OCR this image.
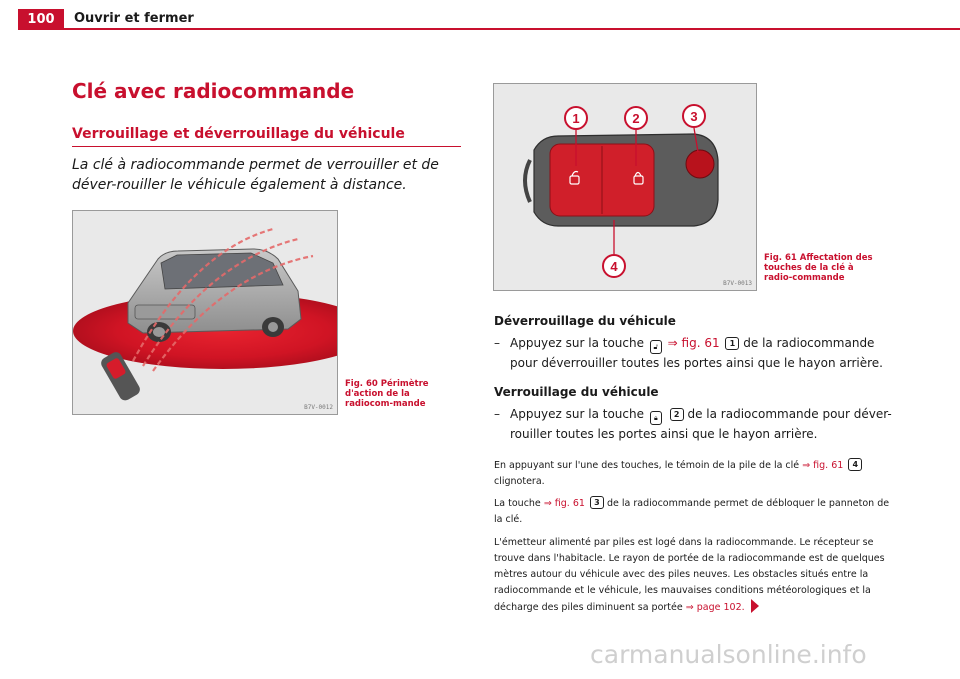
100	Ouvrir et fermer
Clé avec radiocommande
Verrouillage et déverrouillage du véhicule
La clé à radiocommande permet de verrouiller et de déver-rouiller le véhicule également à distance.
B7V-0012
Fig. 60 Périmètre d'action de la radiocom-mande
1	2	3
4
B7V-0013
Fig. 61 Affectation des touches de la clé à radio-commande
Déverrouillage du véhicule
– Appuyez sur la touche 🔓︎ ⇒ fig. 61 1 de la radiocommande pour déverrouiller toutes les portes ainsi que le hayon arrière.
Verrouillage du véhicule
– Appuyez sur la touche 🔒︎ 2 de la radiocommande pour déver-rouiller toutes les portes ainsi que le hayon arrière.
En appuyant sur l'une des touches, le témoin de la pile de la clé ⇒ fig. 61 4 clignotera.
La touche ⇒ fig. 61 3 de la radiocommande permet de débloquer le panneton de la clé.
L'émetteur alimenté par piles est logé dans la radiocommande. Le récepteur se trouve dans l'habitacle. Le rayon de portée de la radiocommande est de quelques mètres autour du véhicule avec des piles neuves. Les obstacles situés entre la radiocommande et le véhicule, les mauvaises conditions météorologiques et la décharge des piles diminuent sa portée ⇒ page 102.
carmanualsonline.info
